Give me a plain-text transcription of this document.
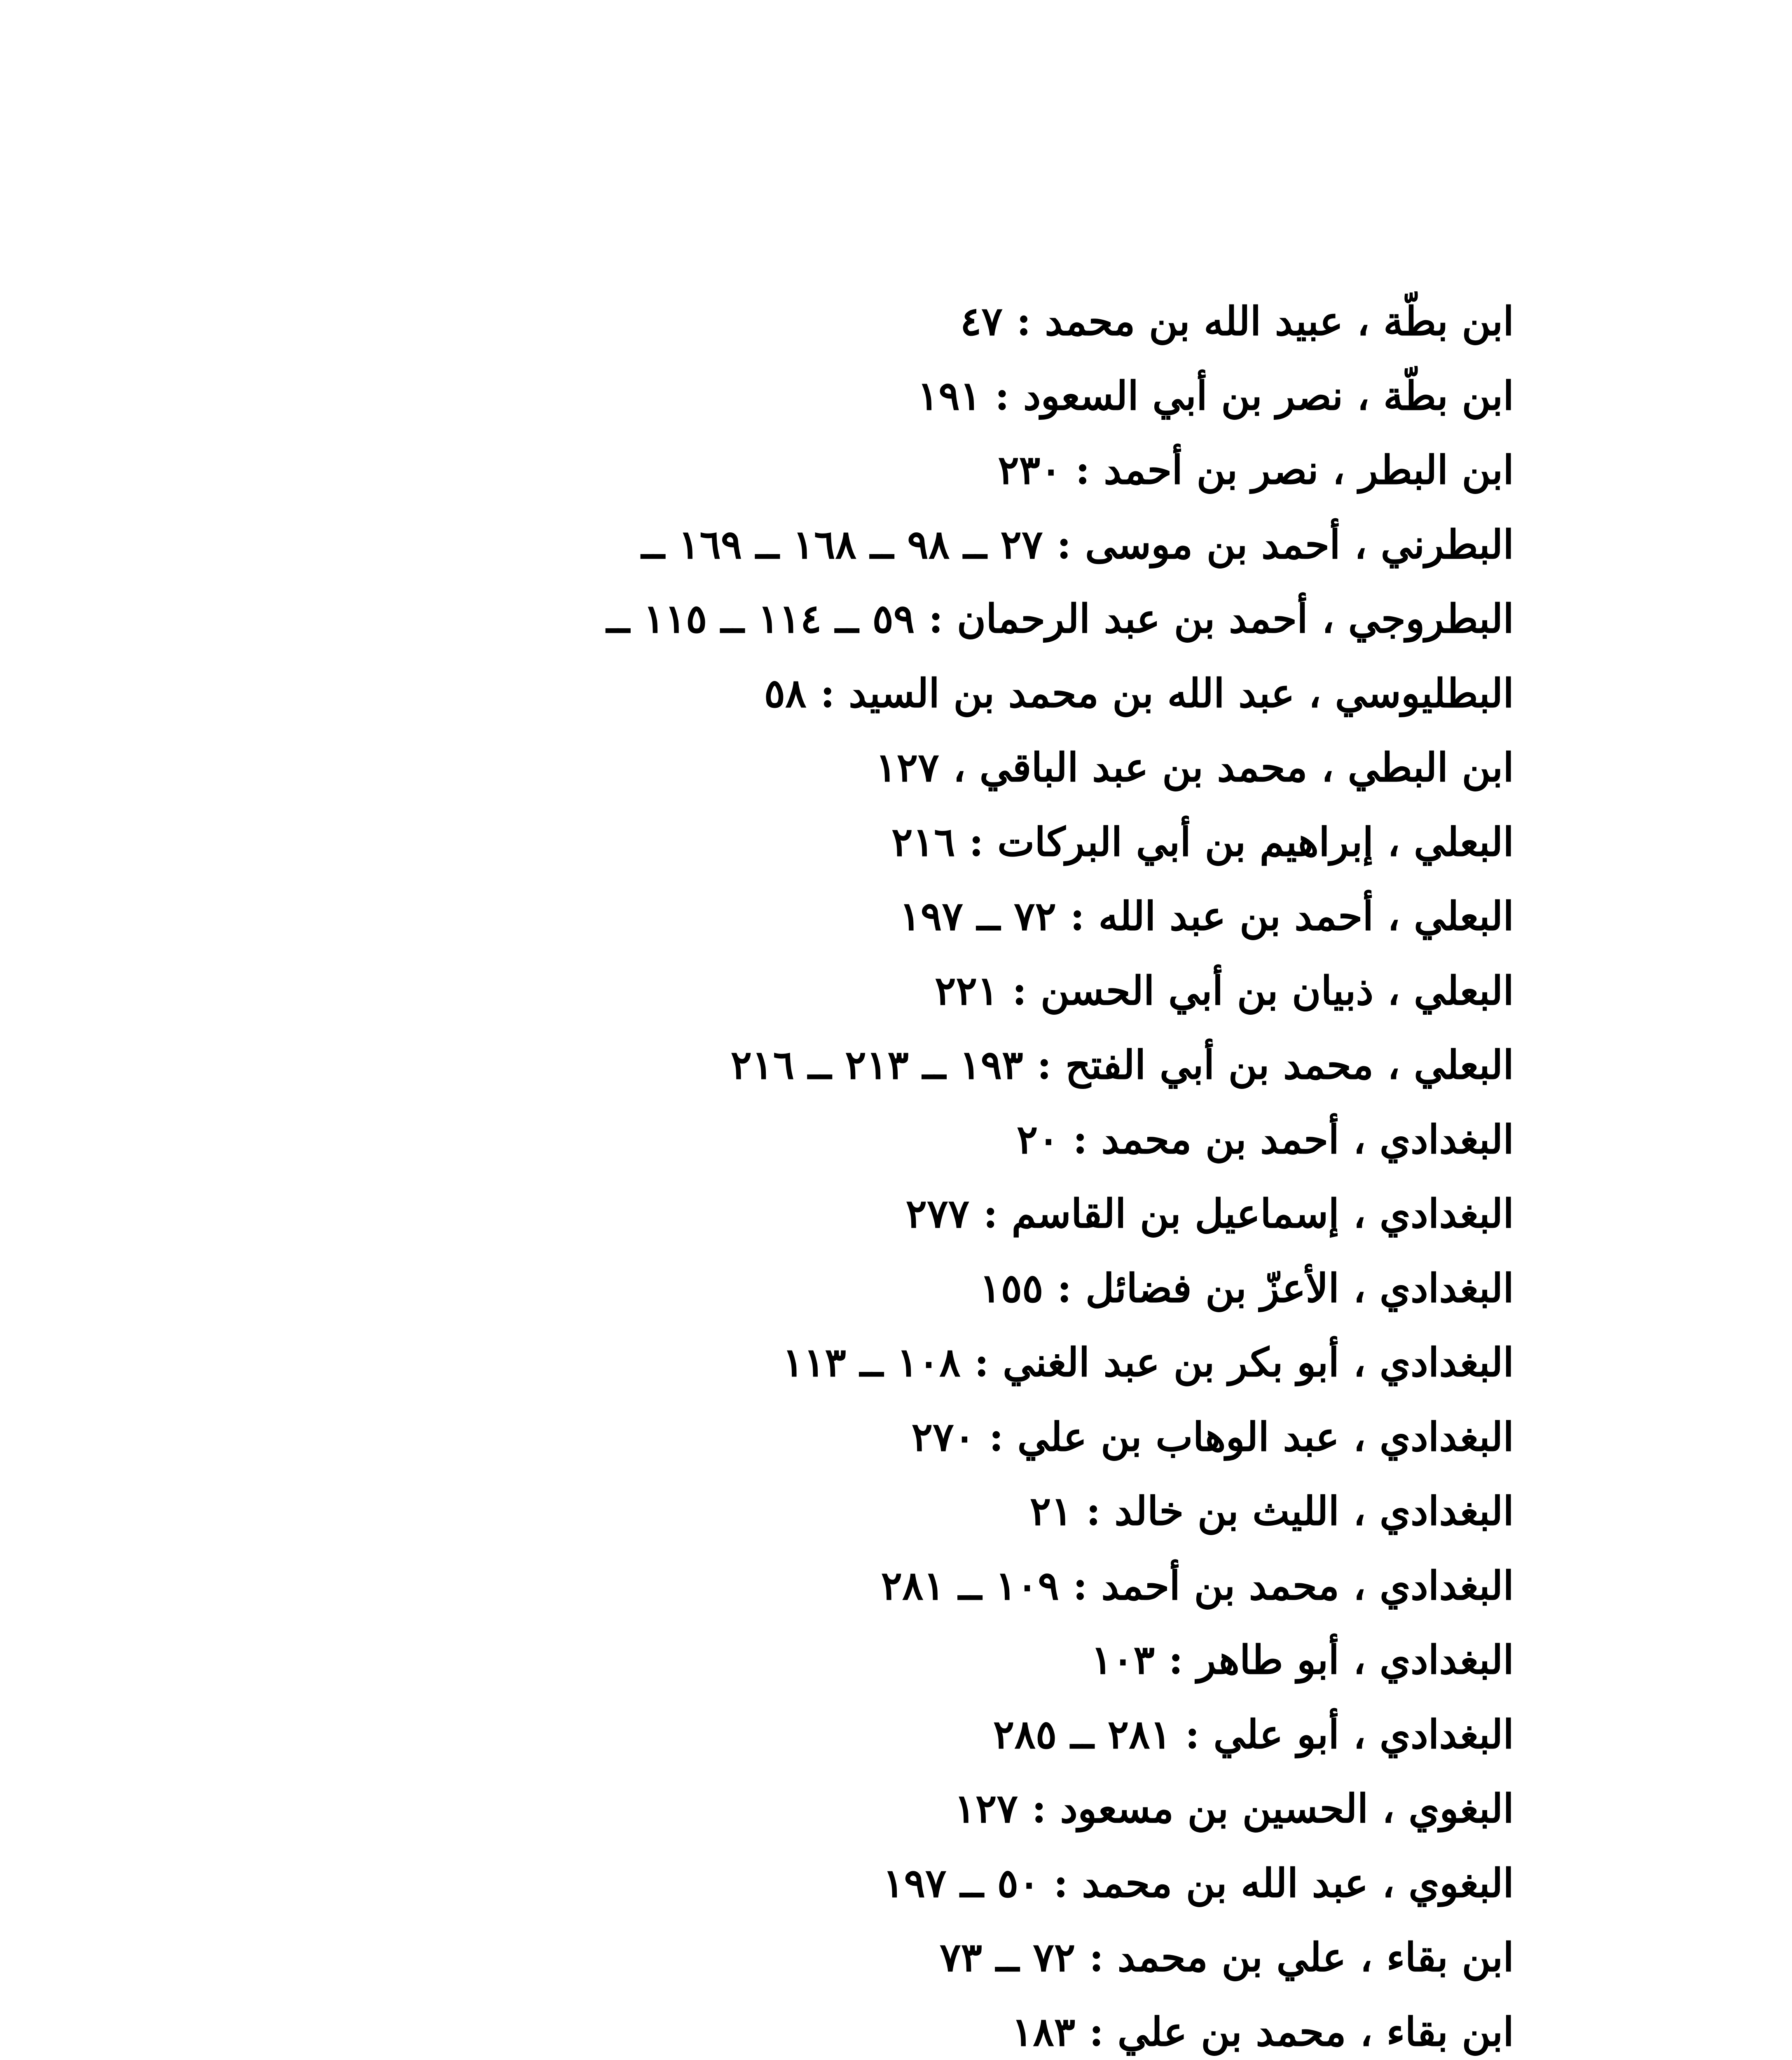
ابن بطّة ، عبيد الله بن محمد : ٤٧
ابن بطّة ، نصر بن أبي السعود : ١٩١
ابن البطر ، نصر بن أحمد : ٢٣٠
البطرني ، أحمد بن موسى : ٢٧ ــ ٩٨ ــ ١٦٨ ــ ١٦٩ ــ
البطروجي ، أحمد بن عبد الرحمان : ٥٩ ــ ١١٤ ــ ١١٥ ــ
البطليوسي ، عبد الله بن محمد بن السيد : ٥٨
ابن البطي ، محمد بن عبد الباقي ، ١٢٧
البعلي ، إبراهيم بن أبي البركات : ٢١٦
البعلي ، أحمد بن عبد الله : ٧٢ ــ ١٩٧
البعلي ، ذبيان بن أبي الحسن : ٢٢١
البعلي ، محمد بن أبي الفتح : ١٩٣ ــ ٢١٣ ــ ٢١٦
البغدادي ، أحمد بن محمد : ٢٠
البغدادي ، إسماعيل بن القاسم : ٢٧٧
البغدادي ، الأعزّ بن فضائل : ١٥٥
البغدادي ، أبو بكر بن عبد الغني : ١٠٨ ــ ١١٣
البغدادي ، عبد الوهاب بن علي : ٢٧٠
البغدادي ، الليث بن خالد : ٢١
البغدادي ، محمد بن أحمد : ١٠٩ ــ ٢٨١
البغدادي ، أبو طاهر : ١٠٣
البغدادي ، أبو علي : ٢٨١ ــ ٢٨٥
البغوي ، الحسين بن مسعود : ١٢٧
البغوي ، عبد الله بن محمد : ٥٠ ــ ١٩٧
ابن بقاء ، علي بن محمد : ٧٢ ــ ٧٣
ابن بقاء ، محمد بن علي : ١٨٣
